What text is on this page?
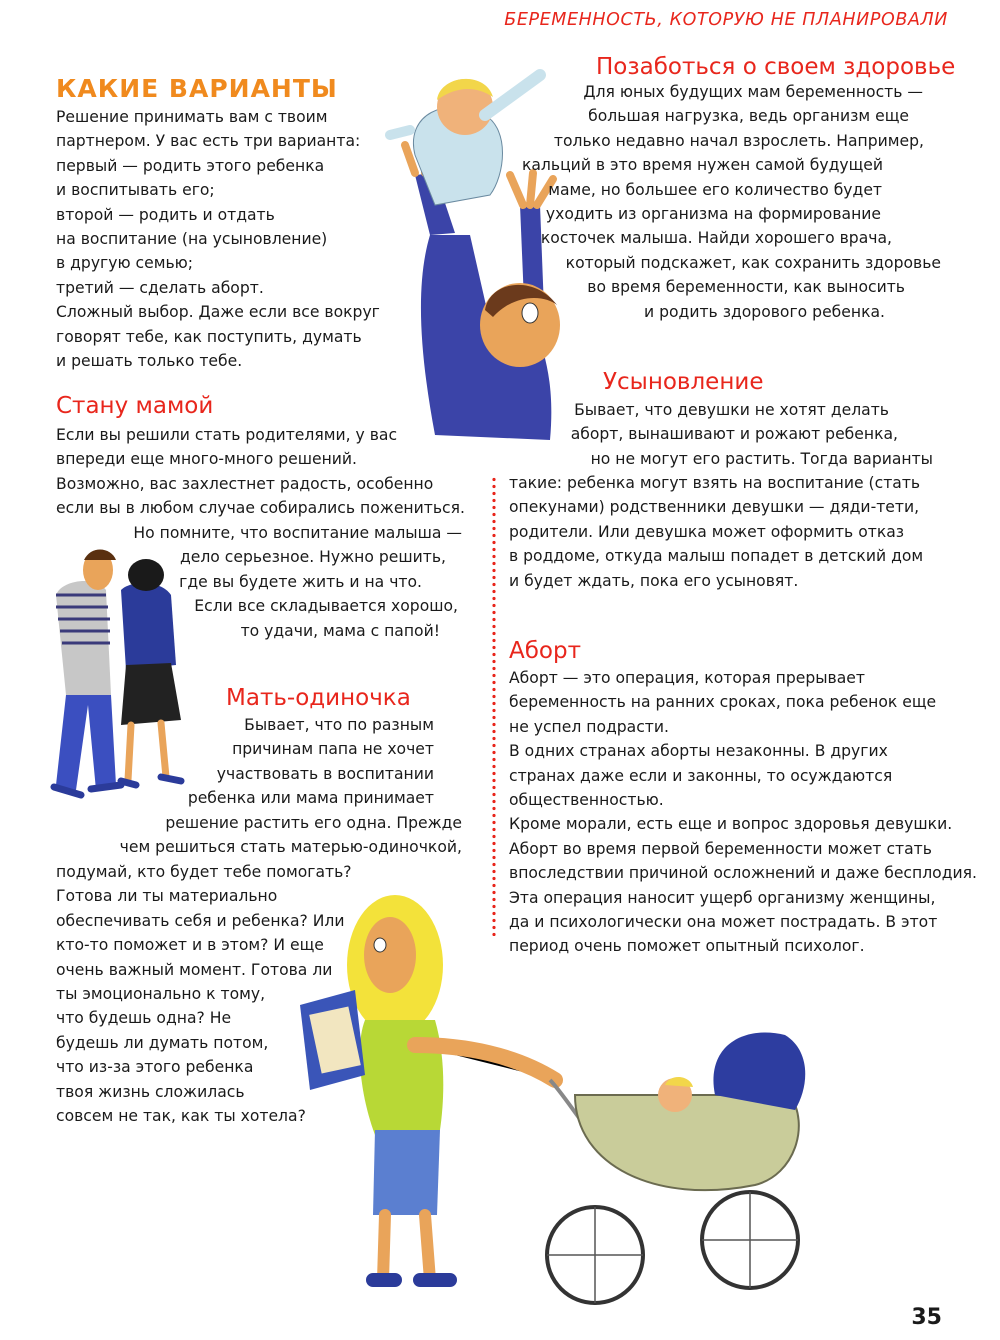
БЕРЕМЕННОСТЬ, КОТОРУЮ НЕ ПЛАНИРОВАЛИ
КАКИЕ ВАРИАНТЫ
Решение принимать вам с твоим
партнером. У вас есть три варианта:
первый — родить этого ребенка
и воспитывать его;
второй — родить и отдать
на воспитание (на усыновление)
в другую семью;
третий — сделать аборт.
Сложный выбор. Даже если все вокруг
говорят тебе, как поступить, думать
и решать только тебе.
Стану мамой
Если вы решили стать родителями, у вас
впереди еще много-много решений.
Возможно, вас захлестнет радость, особенно
если вы в любом случае собирались пожениться.
Но помните, что воспитание малыша —
дело серьезное. Нужно решить,
где вы будете жить и на что.
Если все складывается хорошо,
то удачи, мама с папой!
Мать-одиночка
Бывает, что по разным
причинам папа не хочет
участвовать в воспитании
ребенка или мама принимает
решение растить его одна. Прежде
чем решиться стать матерью-одиночкой,
подумай, кто будет тебе помогать?
Готова ли ты материально
обеспечивать себя и ребенка? Или
кто-то поможет и в этом? И еще
очень важный момент. Готова ли
ты эмоционально к тому,
что будешь одна? Не
будешь ли думать потом,
что из-за этого ребенка
твоя жизнь сложилась
совсем не так, как ты хотела?
Позаботься о своем здоровье
Для юных будущих мам беременность —
большая нагрузка, ведь организм еще
только недавно начал взрослеть. Например,
кальций в это время нужен самой будущей
маме, но большее его количество будет
уходить из организма на формирование
косточек малыша. Найди хорошего врача,
который подскажет, как сохранить здоровье
во время беременности, как выносить
и родить здорового ребенка.
Усыновление
Бывает, что девушки не хотят делать
аборт, вынашивают и рожают ребенка,
но не могут его растить. Тогда варианты
такие: ребенка могут взять на воспитание (стать
опекунами) родственники девушки — дяди-тети,
родители. Или девушка может оформить отказ
в роддоме, откуда малыш попадет в детский дом
и будет ждать, пока его усыновят.
Аборт
Аборт — это операция, которая прерывает
беременность на ранних сроках, пока ребенок еще
не успел подрасти.
В одних странах аборты незаконны. В других
странах даже если и законны, то осуждаются
общественностью.
Кроме морали, есть еще и вопрос здоровья девушки.
Аборт во время первой беременности может стать
впоследствии причиной осложнений и даже бесплодия.
Эта операция наносит ущерб организму женщины,
да и психологически она может пострадать. В этот
период очень поможет опытный психолог.
35
